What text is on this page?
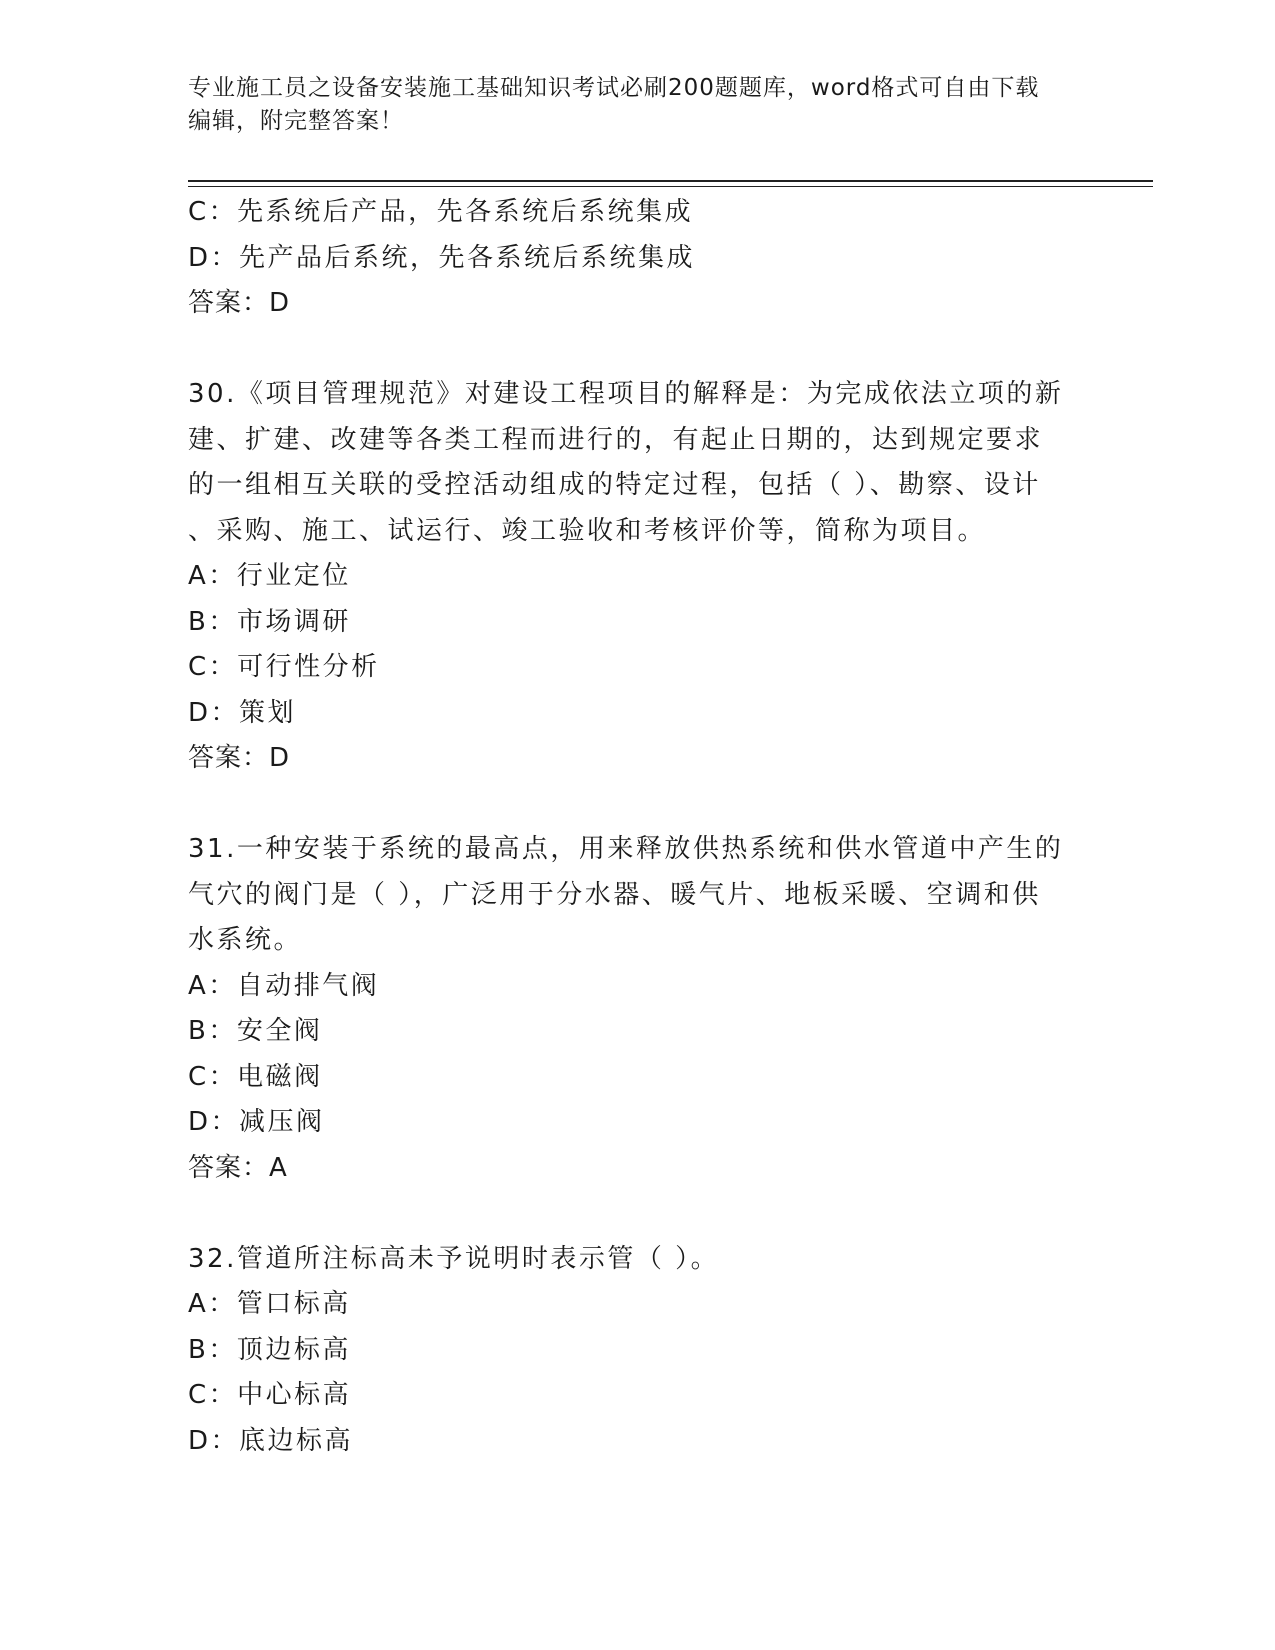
专业施工员之设备安装施工基础知识考试必刷200题题库，word格式可自由下载
编辑，附完整答案！
C：先系统后产品，先各系统后系统集成
D：先产品后系统，先各系统后系统集成
答案：D
30.《项目管理规范》对建设工程项目的解释是：为完成依法立项的新
建、扩建、改建等各类工程而进行的，有起止日期的，达到规定要求
的一组相互关联的受控活动组成的特定过程，包括（ ）、勘察、设计
、采购、施工、试运行、竣工验收和考核评价等，简称为项目。
A：行业定位
B：市场调研
C：可行性分析
D：策划
答案：D
31.一种安装于系统的最高点，用来释放供热系统和供水管道中产生的
气穴的阀门是（ ），广泛用于分水器、暖气片、地板采暖、空调和供
水系统。
A：自动排气阀
B：安全阀
C：电磁阀
D：减压阀
答案：A
32.管道所注标高未予说明时表示管（ ）。
A：管口标高
B：顶边标高
C：中心标高
D：底边标高
